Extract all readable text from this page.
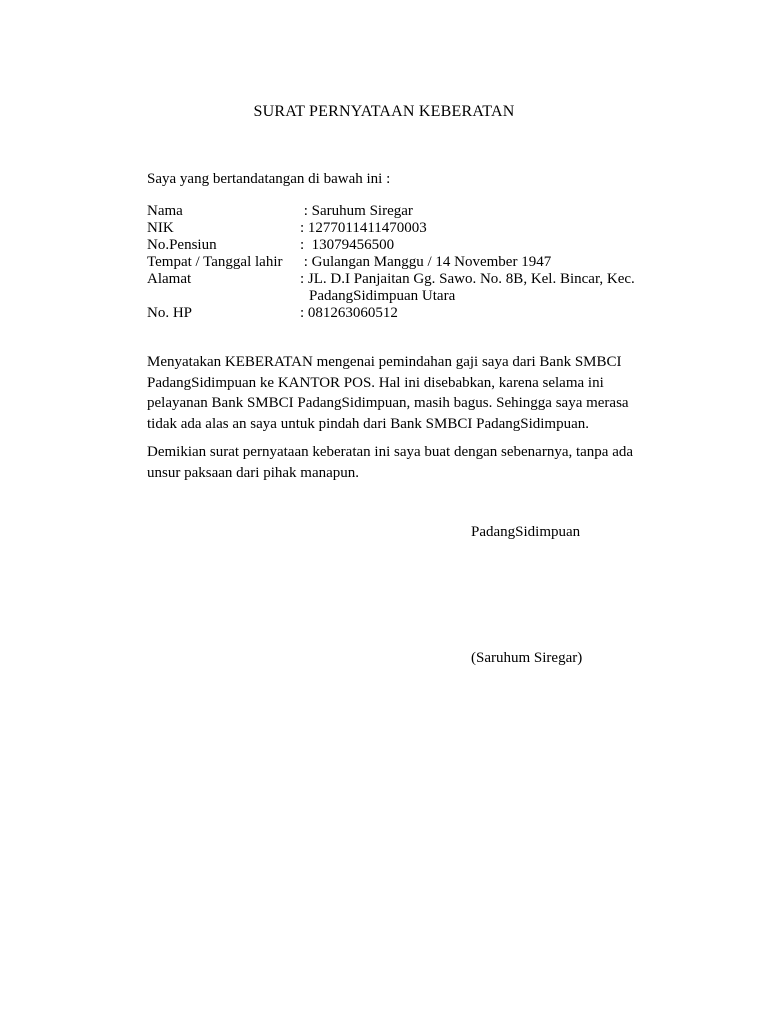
SURAT PERNYATAAN KEBERATAN

Saya yang bertandatangan di bawah ini :

Nama	: Saruhum Siregar
NIK	: 1277011411470003
No.Pensiun	:  13079456500
Tempat / Tanggal lahir	: Gulangan Manggu / 14 November 1947
Alamat	: JL. D.I Panjaitan Gg. Sawo. No. 8B, Kel. Bincar, Kec.
PadangSidimpuan Utara
No. HP	: 081263060512

Menyatakan KEBERATAN mengenai pemindahan gaji saya dari Bank SMBCI PadangSidimpuan ke KANTOR POS. Hal ini disebabkan, karena selama ini pelayanan Bank SMBCI PadangSidimpuan, masih bagus. Sehingga saya merasa tidak ada alas an saya untuk pindah dari Bank SMBCI PadangSidimpuan.

Demikian surat pernyataan keberatan ini saya buat dengan sebenarnya, tanpa ada unsur paksaan dari pihak manapun.

PadangSidimpuan

(Saruhum Siregar)
